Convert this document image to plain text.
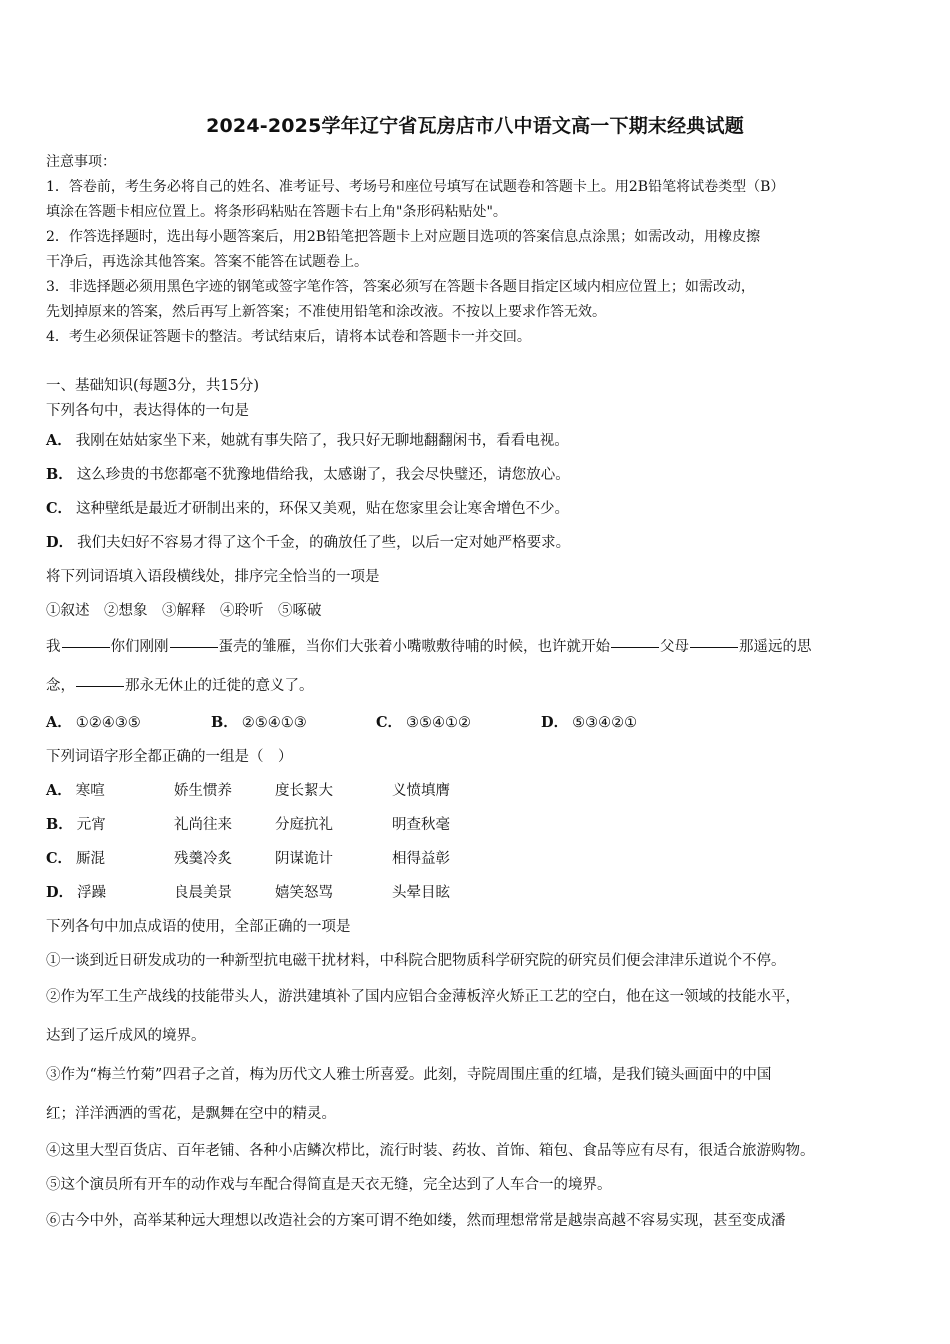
2024-2025学年辽宁省瓦房店市八中语文高一下期末经典试题
注意事项：
1．答卷前，考生务必将自己的姓名、准考证号、考场号和座位号填写在试题卷和答题卡上。用2B铅笔将试卷类型（B）
填涂在答题卡相应位置上。将条形码粘贴在答题卡右上角"条形码粘贴处"。
2．作答选择题时，选出每小题答案后，用2B铅笔把答题卡上对应题目选项的答案信息点涂黑；如需改动，用橡皮擦
干净后，再选涂其他答案。答案不能答在试题卷上。
3．非选择题必须用黑色字迹的钢笔或签字笔作答，答案必须写在答题卡各题目指定区域内相应位置上；如需改动，
先划掉原来的答案，然后再写上新答案；不准使用铅笔和涂改液。不按以上要求作答无效。
4．考生必须保证答题卡的整洁。考试结束后，请将本试卷和答题卡一并交回。
一、基础知识(每题3分，共15分)
下列各句中，表达得体的一句是
A． 我刚在姑姑家坐下来，她就有事失陪了，我只好无聊地翻翻闲书，看看电视。
B． 这么珍贵的书您都毫不犹豫地借给我，太感谢了，我会尽快璧还，请您放心。
C． 这种壁纸是最近才研制出来的，环保又美观，贴在您家里会让寒舍增色不少。
D． 我们夫妇好不容易才得了这个千金，的确放任了些，以后一定对她严格要求。
将下列词语填入语段横线处，排序完全恰当的一项是
①叙述　②想象　③解释　④聆听　⑤啄破
我	你们刚刚	蛋壳的雏雁，当你们大张着小嘴嗷敷待哺的时候，也许就开始	父母	那遥远的思
念，	那永无休止的迁徙的意义了。
A． ①②④③⑤	B． ②⑤④①③	C． ③⑤④①②	D． ⑤③④②①
下列词语字形全都正确的一组是（　）
A． 寒喧	娇生惯养	度长絜大	义愤填膺
B． 元宵	礼尚往来	分庭抗礼	明查秋毫
C． 厮混	残羹冷炙	阴谋诡计	相得益彰
D． 浮躁	良晨美景	嬉笑怒骂	头晕目眩
下列各句中加点成语的使用，全部正确的一项是
①一谈到近日研发成功的一种新型抗电磁干扰材料，中科院合肥物质科学研究院的研究员们便会津津乐道说个不停。
②作为军工生产战线的技能带头人，游洪建填补了国内应铝合金薄板淬火矫正工艺的空白，他在这一领域的技能水平，
达到了运斤成风的境界。
③作为“梅兰竹菊”四君子之首，梅为历代文人雅士所喜爱。此刻，寺院周围庄重的红墙，是我们镜头画面中的中国
红；洋洋洒洒的雪花，是飘舞在空中的精灵。
④这里大型百货店、百年老铺、各种小店鳞次栉比，流行时装、药妆、首饰、箱包、食品等应有尽有，很适合旅游购物。
⑤这个演员所有开车的动作戏与车配合得简直是天衣无缝，完全达到了人车合一的境界。
⑥古今中外，高举某种远大理想以改造社会的方案可谓不绝如缕，然而理想常常是越崇高越不容易实现，甚至变成潘
